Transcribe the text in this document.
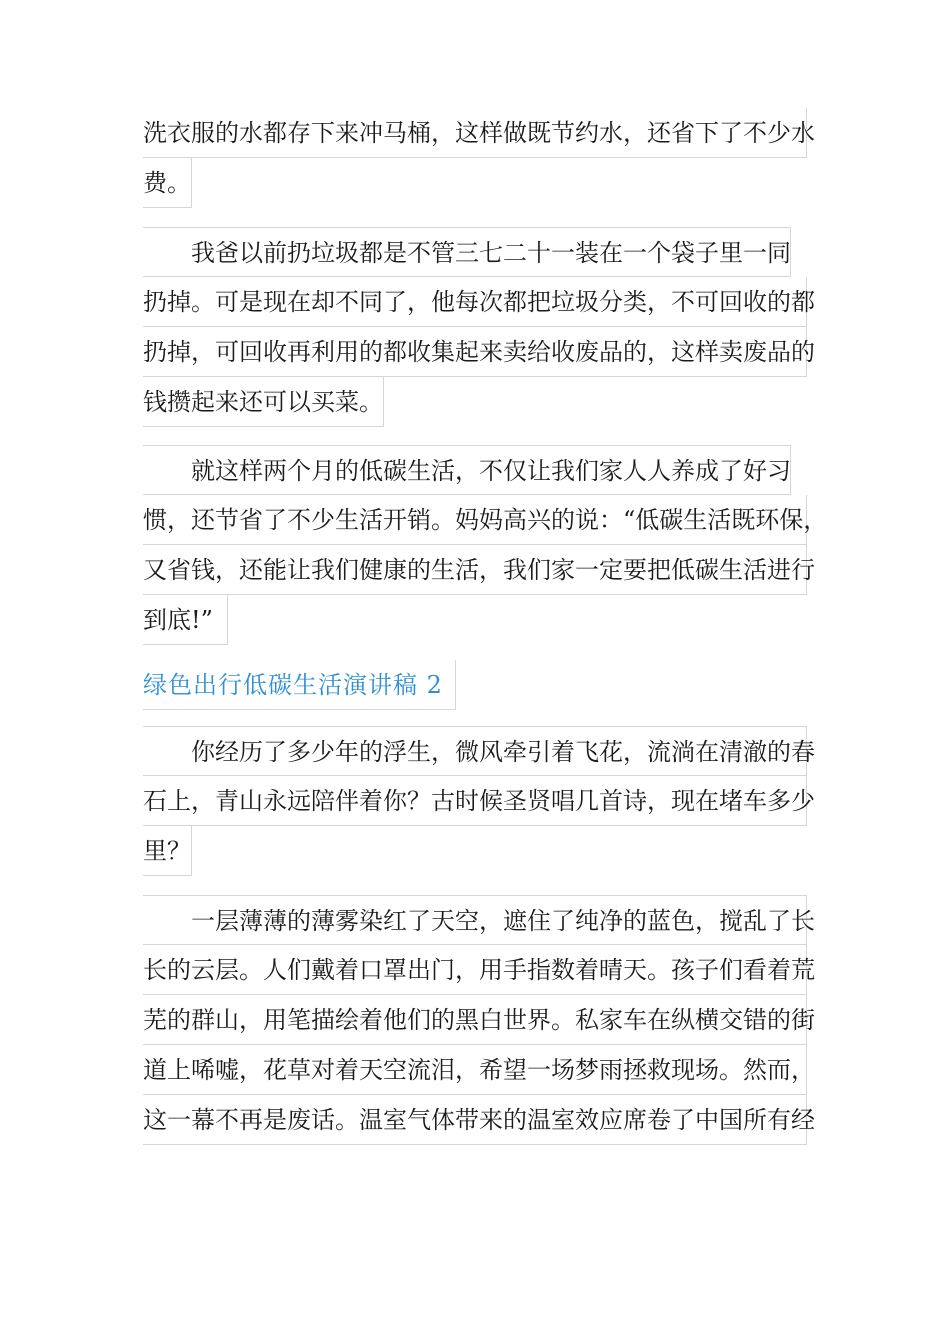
洗衣服的水都存下来冲马桶，这样做既节约水，还省下了不少水
费。
我爸以前扔垃圾都是不管三七二十一装在一个袋子里一同
扔掉。可是现在却不同了，他每次都把垃圾分类，不可回收的都
扔掉，可回收再利用的都收集起来卖给收废品的，这样卖废品的
钱攒起来还可以买菜。
就这样两个月的低碳生活，不仅让我们家人人养成了好习
惯，还节省了不少生活开销。妈妈高兴的说：“低碳生活既环保，
又省钱，还能让我们健康的生活，我们家一定要把低碳生活进行
到底!”
绿色出行低碳生活演讲稿 2
你经历了多少年的浮生，微风牵引着飞花，流淌在清澈的春
石上，青山永远陪伴着你？古时候圣贤唱几首诗，现在堵车多少
里？
一层薄薄的薄雾染红了天空，遮住了纯净的蓝色，搅乱了长
长的云层。人们戴着口罩出门，用手指数着晴天。孩子们看着荒
芜的群山，用笔描绘着他们的黑白世界。私家车在纵横交错的街
道上唏嘘，花草对着天空流泪，希望一场梦雨拯救现场。然而，
这一幕不再是废话。温室气体带来的温室效应席卷了中国所有经
